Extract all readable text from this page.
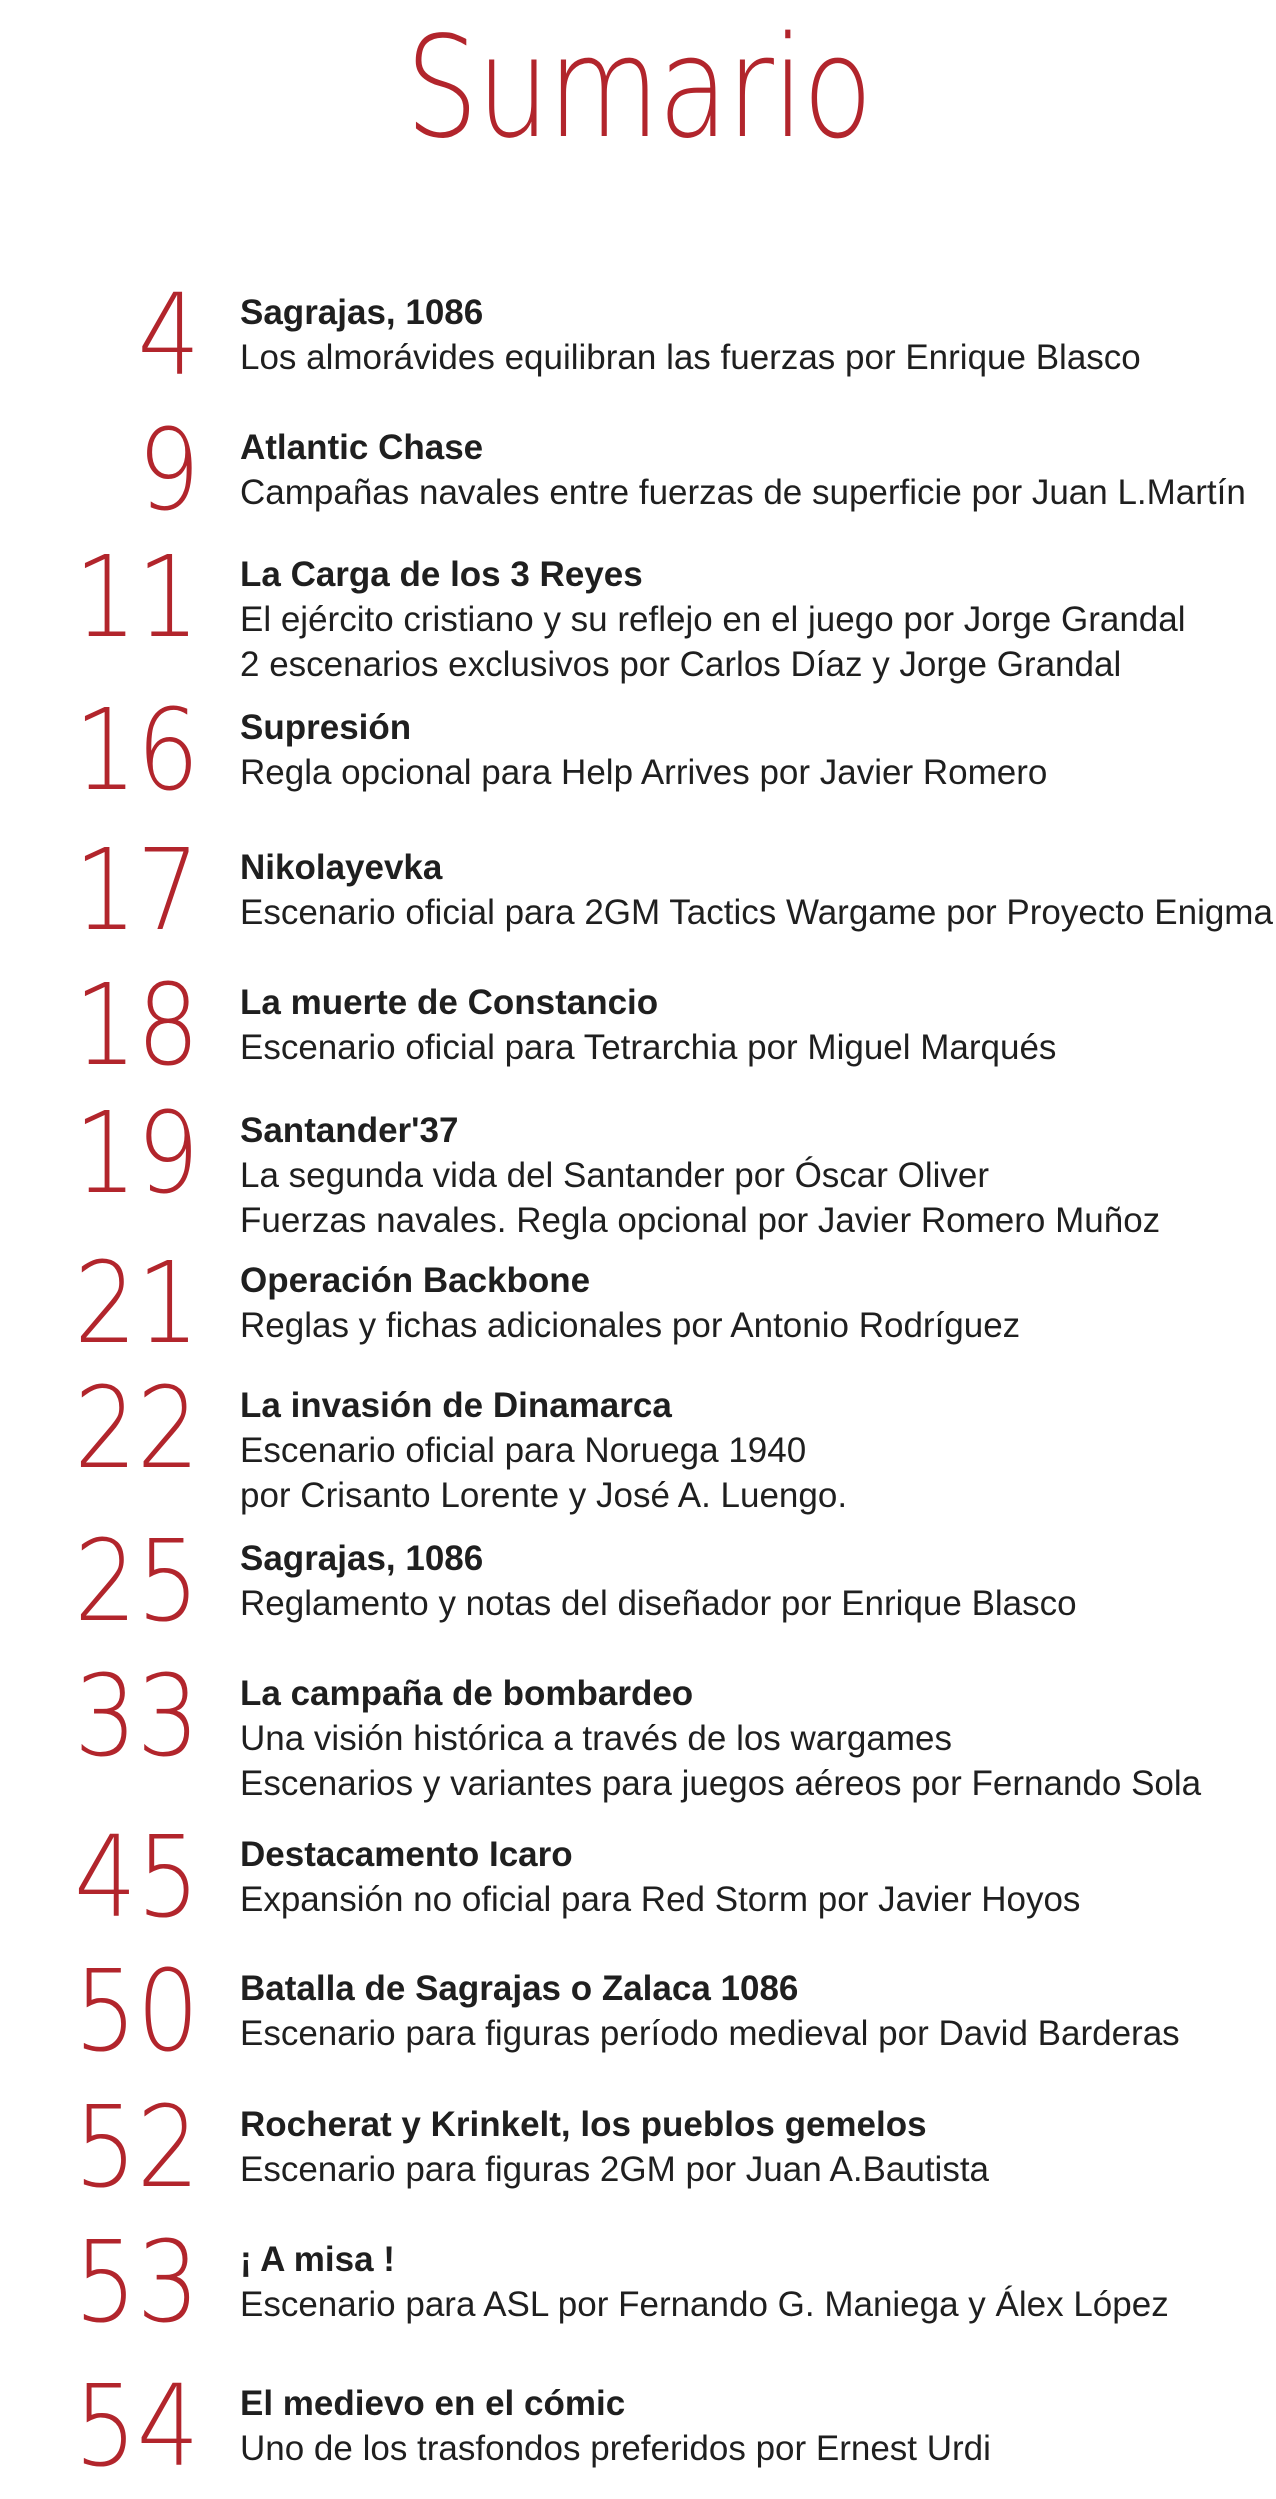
Sumario
4 Sagrajas, 1086
Los almorávides equilibran las fuerzas por Enrique Blasco
9 Atlantic Chase
Campañas navales entre fuerzas de superficie por Juan L.Martín
11 La Carga de los 3 Reyes
El ejército cristiano y su reflejo en el juego por Jorge Grandal
2 escenarios exclusivos por Carlos Díaz y Jorge Grandal
16 Supresión
Regla opcional para Help Arrives por Javier Romero
17 Nikolayevka
Escenario oficial para 2GM Tactics Wargame por Proyecto Enigma
18 La muerte de Constancio
Escenario oficial para Tetrarchia por Miguel Marqués
19 Santander'37
La segunda vida del Santander por Óscar Oliver
Fuerzas navales. Regla opcional por Javier Romero Muñoz
21 Operación Backbone
Reglas y fichas adicionales por Antonio Rodríguez
22 La invasión de Dinamarca
Escenario oficial para Noruega 1940
por Crisanto Lorente y José A. Luengo.
25 Sagrajas, 1086
Reglamento y notas del diseñador por Enrique Blasco
33 La campaña de bombardeo
Una visión histórica a través de los wargames
Escenarios y variantes para juegos aéreos por Fernando Sola
45 Destacamento Icaro
Expansión no oficial para Red Storm por Javier Hoyos
50 Batalla de Sagrajas o Zalaca 1086
Escenario para figuras período medieval por David Barderas
52 Rocherat y Krinkelt, los pueblos gemelos
Escenario para figuras 2GM por Juan A.Bautista
53 ¡ A misa !
Escenario para ASL por Fernando G. Maniega y Álex López
54 El medievo en el cómic
Uno de los trasfondos preferidos por Ernest Urdi
